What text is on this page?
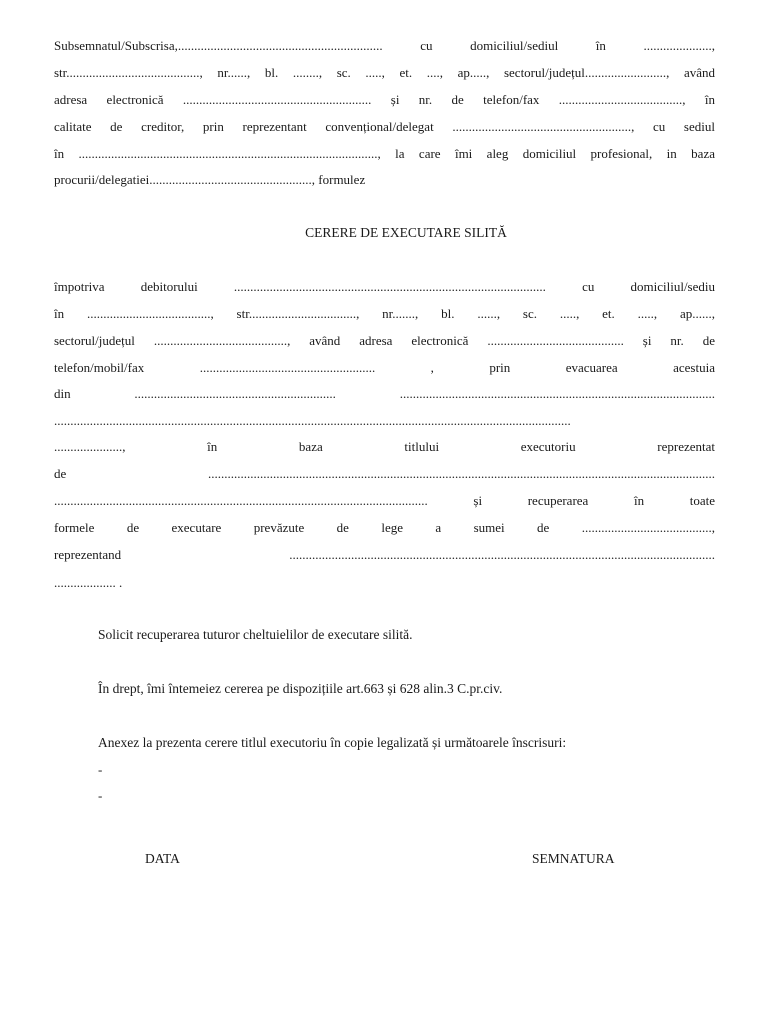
Subsemnatul/Subscrisa,............................................................... cu domiciliul/sediul în .....................,
str........................................., nr......, bl. ........, sc. ....., et. ...., ap....., sectorul/județul........................., având
adresa electronică .......................................................... și nr. de telefon/fax ......................................, în
calitate de creditor, prin reprezentant convențional/delegat ......................................................., cu sediul
în ............................................................................................, la care îmi aleg domiciliul profesional, in baza
procurii/delegatiei.................................................., formulez
CERERE DE EXECUTARE SILITĂ
împotriva debitorului ................................................................................................ cu domiciliul/sediu
în ......................................, str................................., nr......., bl. ......, sc. ....., et. ....., ap......,
sectorul/județul ........................................., având adresa electronică .......................................... și nr. de
telefon/mobil/fax ...................................................... , prin evacuarea acestuia
din .............................................................. .................................................................................................
...............................................................................................................................................................
....................., în baza titlului executoriu reprezentat
de ............................................................................................................................................................
................................................................................................................... și recuperarea în toate
formele de executare prevăzute de lege a sumei de ........................................,
reprezentand ...................................................................................................................................
................... .
Solicit recuperarea tuturor cheltuielilor de executare silită.
În drept, îmi întemeiez cererea pe dispozițiile art.663 și 628 alin.3 C.pr.civ.
Anexez la prezenta cerere titlul executoriu în copie legalizată și următoarele înscrisuri:
-
-
DATA	SEMNATURA
